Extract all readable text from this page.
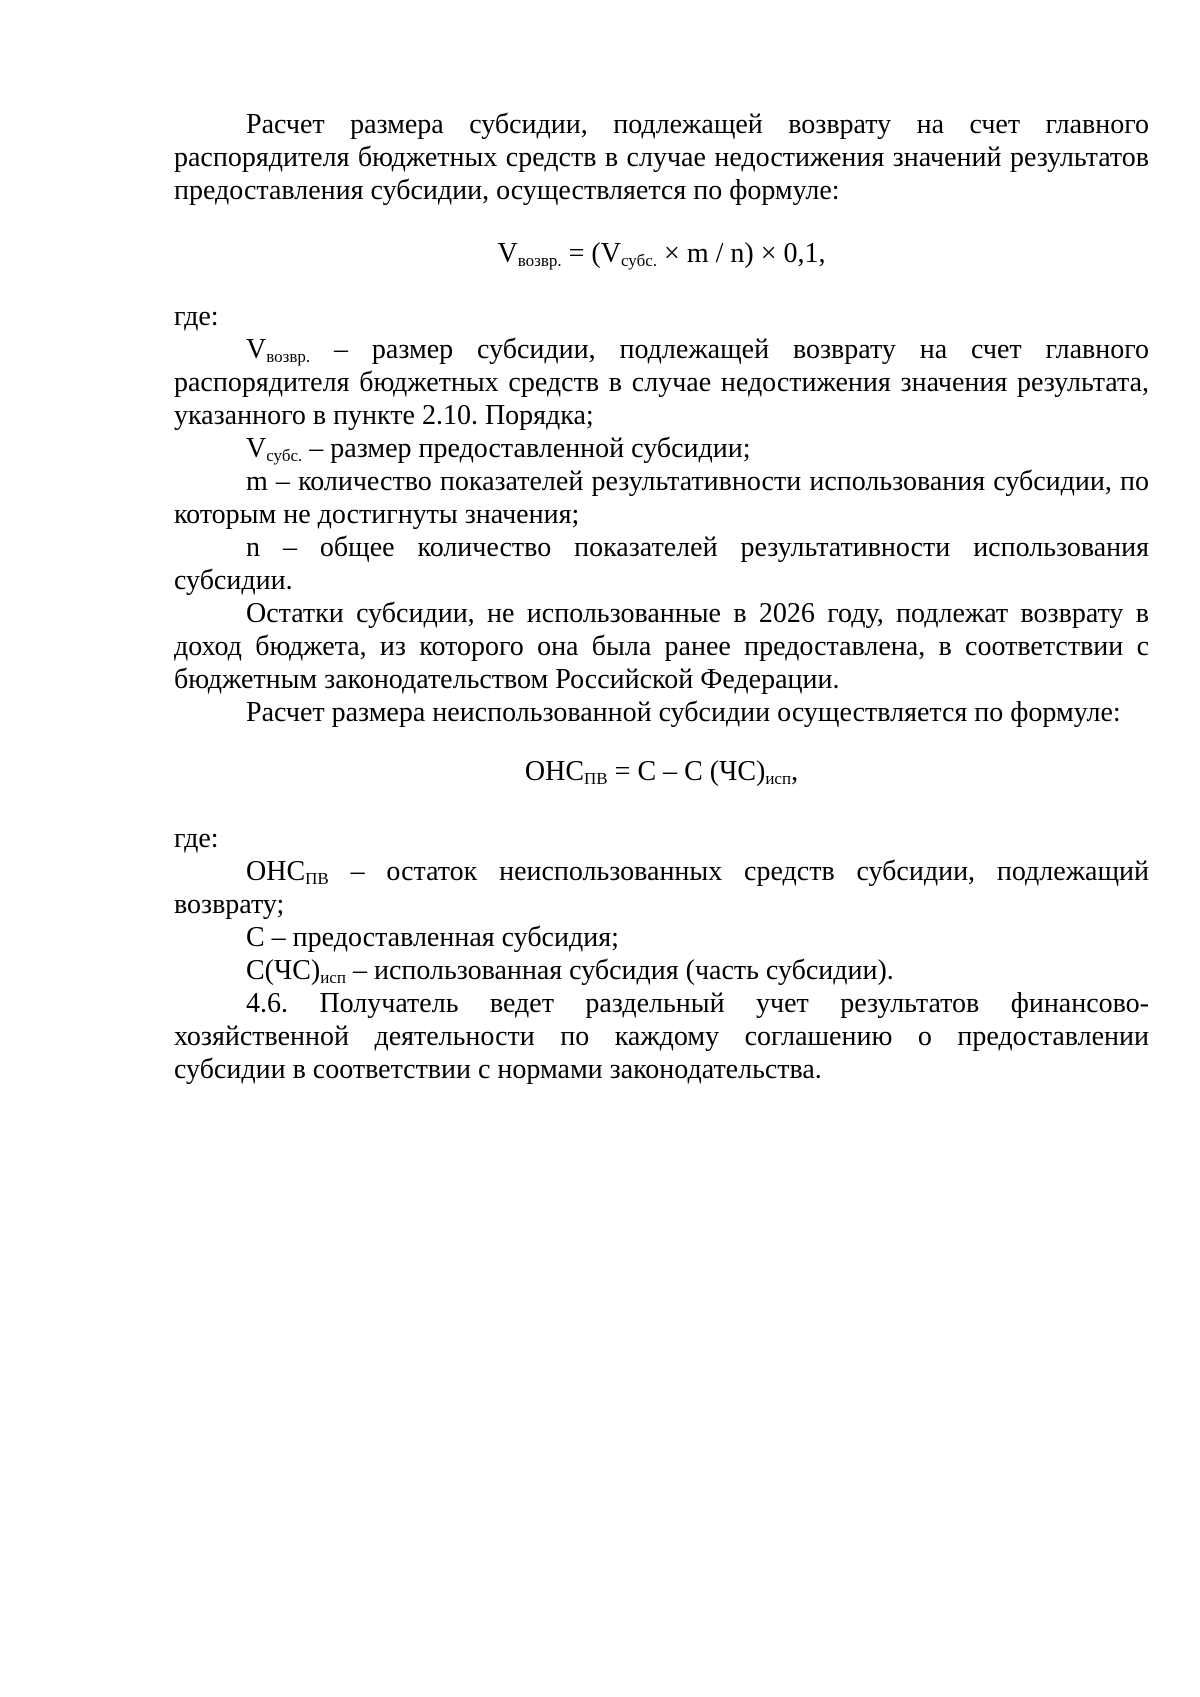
Расчет размера субсидии, подлежащей возврату на счет главного распорядителя бюджетных средств в случае недостижения значений результатов предоставления субсидии, осуществляется по формуле:

$V_{возвр.} = (V_{субс.} \times m / n) \times 0,1$,

где:

$V_{возвр.}$ – размер субсидии, подлежащей возврату на счет главного распорядителя бюджетных средств в случае недостижения значения результата, указанного в пункте 2.10. Порядка;

$V_{субс.}$ – размер предоставленной субсидии;

m – количество показателей результативности использования субсидии, по которым не достигнуты значения;

n – общее количество показателей результативности использования субсидии.

Остатки субсидии, не использованные в 2026 году, подлежат возврату в доход бюджета, из которого она была ранее предоставлена, в соответствии с бюджетным законодательством Российской Федерации.

Расчет размера неиспользованной субсидии осуществляется по формуле:

$ОНС_{ПВ} = С - С$ $(ЧС)_{исп}$,

где:

$ОНС_{ПВ}$ – остаток неиспользованных средств субсидии, подлежащий возврату;

С – предоставленная субсидия;

$С(ЧС)_{исп}$ – использованная субсидия (часть субсидии).

4.6. Получатель ведет раздельный учет результатов финансово-хозяйственной деятельности по каждому соглашению о предоставлении субсидии в соответствии с нормами законодательства.
